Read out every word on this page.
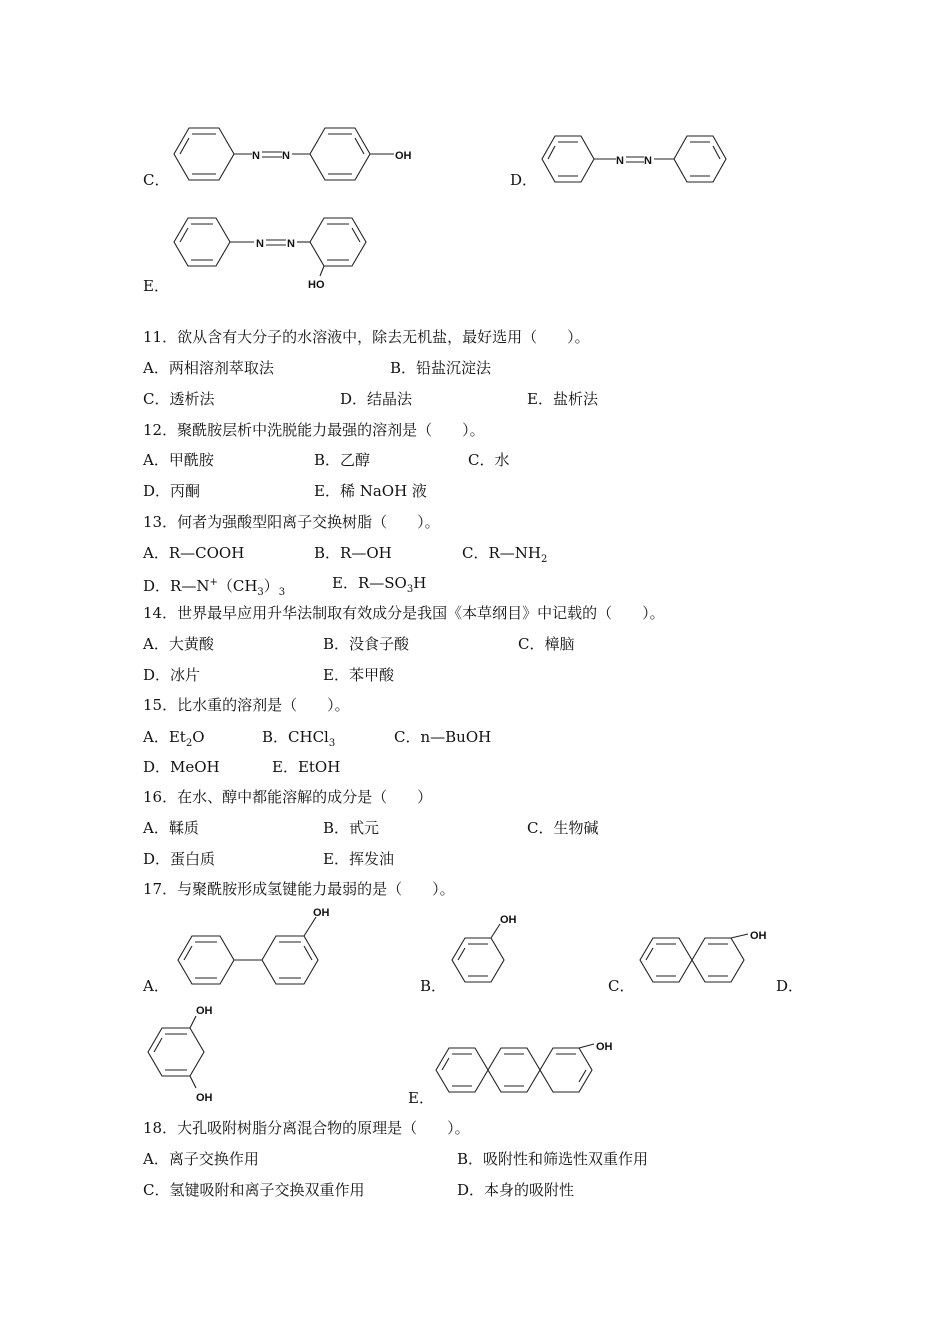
C．
N N	OH
D．
N N
E．
N N
HO
11．欲从含有大分子的水溶液中，除去无机盐，最好选用（　　）。
A．两相溶剂萃取法	B．铅盐沉淀法
C．透析法	D．结晶法	E．盐析法
12．聚酰胺层析中洗脱能力最强的溶剂是（　　）。
A．甲酰胺	B．乙醇	C．水
D．丙酮	E．稀 NaOH 液
13．何者为强酸型阳离子交换树脂（　　）。
A．R—COOH	B．R—OH	C．$R—NH_2$
D．$R—N^+(CH_3)_3$
E．$R—SO_3H$
14．世界最早应用升华法制取有效成分是我国《本草纲目》中记载的（　　）。
A．大黄酸	B．没食子酸	C．樟脑
D．冰片	E．苯甲酸
15．比水重的溶剂是（　　）。
A．$Et_2O$	B．CHCl$_3$	C．n—BuOH
D．MeOH	E．EtOH
16．在水、醇中都能溶解的成分是（　　）
A．鞣质	B．甙元	C．生物碱
D．蛋白质	E．挥发油
17．与聚酰胺形成氢键能力最弱的是（　　）。
A．
OH
B．
OH
C．
OH
D．
OH
OH	E．
OH
18．大孔吸附树脂分离混合物的原理是（　　）。
A．离子交换作用	B．吸附性和筛选性双重作用
C．氢键吸附和离子交换双重作用	D．本身的吸附性
